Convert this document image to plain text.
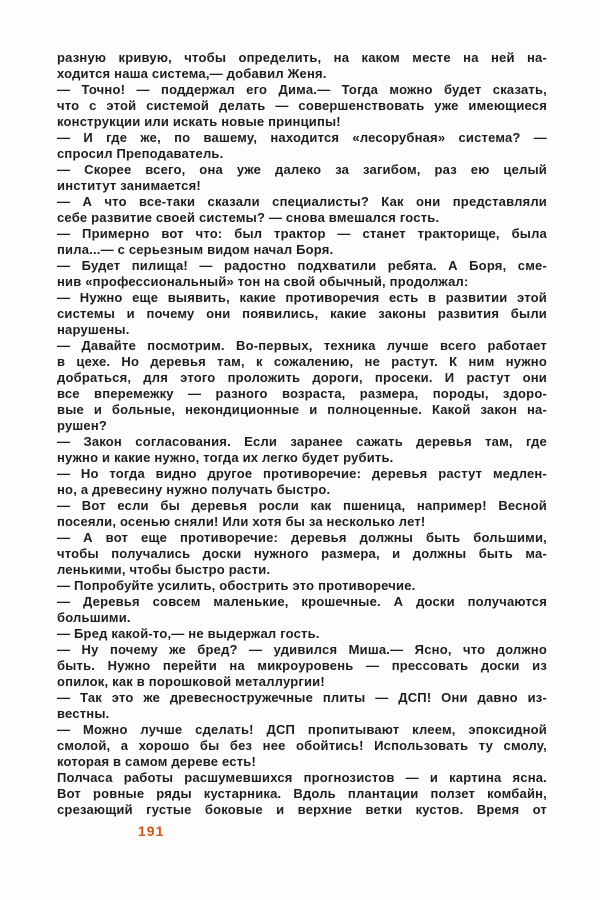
разную кривую, чтобы определить, на каком месте на ней на-
ходится наша система,— добавил Женя.
— Точно! — поддержал его Дима.— Тогда можно будет сказать,
что с этой системой делать — совершенствовать уже имеющиеся
конструкции или искать новые принципы!
— И где же, по вашему, находится «лесорубная» система? —
спросил Преподаватель.
— Скорее всего, она уже далеко за загибом, раз ею целый
институт занимается!
— А что все-таки сказали специалисты? Как они представляли
себе развитие своей системы? — снова вмешался гость.
— Примерно вот что: был трактор — станет тракторище, была
пила...— с серьезным видом начал Боря.
— Будет пилища! — радостно подхватили ребята. А Боря, сме-
нив «профессиональный» тон на свой обычный, продолжал:
— Нужно еще выявить, какие противоречия есть в развитии этой
системы и почему они появились, какие законы развития были
нарушены.
— Давайте посмотрим. Во-первых, техника лучше всего работает
в цехе. Но деревья там, к сожалению, не растут. К ним нужно
добраться, для этого проложить дороги, просеки. И растут они
все вперемежку — разного возраста, размера, породы, здоро-
вые и больные, некондиционные и полноценные. Какой закон на-
рушен?
— Закон согласования. Если заранее сажать деревья там, где
нужно и какие нужно, тогда их легко будет рубить.
— Но тогда видно другое противоречие: деревья растут медлен-
но, а древесину нужно получать быстро.
— Вот если бы деревья росли как пшеница, например! Весной
посеяли, осенью сняли! Или хотя бы за несколько лет!
— А вот еще противоречие: деревья должны быть большими,
чтобы получались доски нужного размера, и должны быть ма-
ленькими, чтобы быстро расти.
— Попробуйте усилить, обострить это противоречие.
— Деревья совсем маленькие, крошечные. А доски получаются
большими.
— Бред какой-то,— не выдержал гость.
— Ну почему же бред? — удивился Миша.— Ясно, что должно
быть. Нужно перейти на микроуровень — прессовать доски из
опилок, как в порошковой металлургии!
— Так это же древесностружечные плиты — ДСП! Они давно из-
вестны.
— Можно лучше сделать! ДСП пропитывают клеем, эпоксидной
смолой, а хорошо бы без нее обойтись! Использовать ту смолу,
которая в самом дереве есть!
Полчаса работы расшумевшихся прогнозистов — и картина ясна.
Вот ровные ряды кустарника. Вдоль плантации ползет комбайн,
срезающий густые боковые и верхние ветки кустов. Время от
191
